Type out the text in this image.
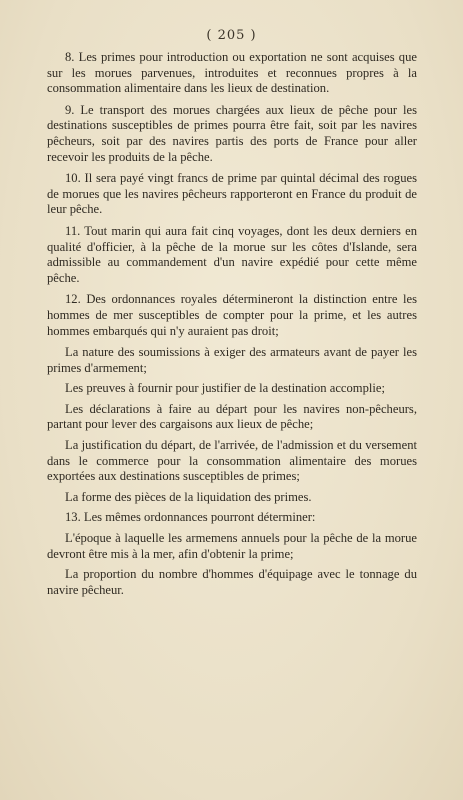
( 205 )

8. Les primes pour introduction ou exportation ne sont acquises que sur les morues parvenues, introduites et reconnues propres à la consommation alimentaire dans les lieux de destination.

9. Le transport des morues chargées aux lieux de pêche pour les destinations susceptibles de primes pourra être fait, soit par les navires pêcheurs, soit par des navires partis des ports de France pour aller recevoir les produits de la pêche.

10. Il sera payé vingt francs de prime par quintal décimal des rogues de morues que les navires pêcheurs rapporteront en France du produit de leur pêche.

11. Tout marin qui aura fait cinq voyages, dont les deux derniers en qualité d'officier, à la pêche de la morue sur les côtes d'Islande, sera admissible au commandement d'un navire expédié pour cette même pêche.

12. Des ordonnances royales détermineront la distinction entre les hommes de mer susceptibles de compter pour la prime, et les autres hommes embarqués qui n'y auraient pas droit;

La nature des soumissions à exiger des armateurs avant de payer les primes d'armement;

Les preuves à fournir pour justifier de la destination accomplie;

Les déclarations à faire au départ pour les navires non-pêcheurs, partant pour lever des cargaisons aux lieux de pêche;

La justification du départ, de l'arrivée, de l'admission et du versement dans le commerce pour la consommation alimentaire des morues exportées aux destinations susceptibles de primes;

La forme des pièces de la liquidation des primes.

13. Les mêmes ordonnances pourront déterminer:

L'époque à laquelle les armemens annuels pour la pêche de la morue devront être mis à la mer, afin d'obtenir la prime;

La proportion du nombre d'hommes d'équipage avec le tonnage du navire pêcheur.
